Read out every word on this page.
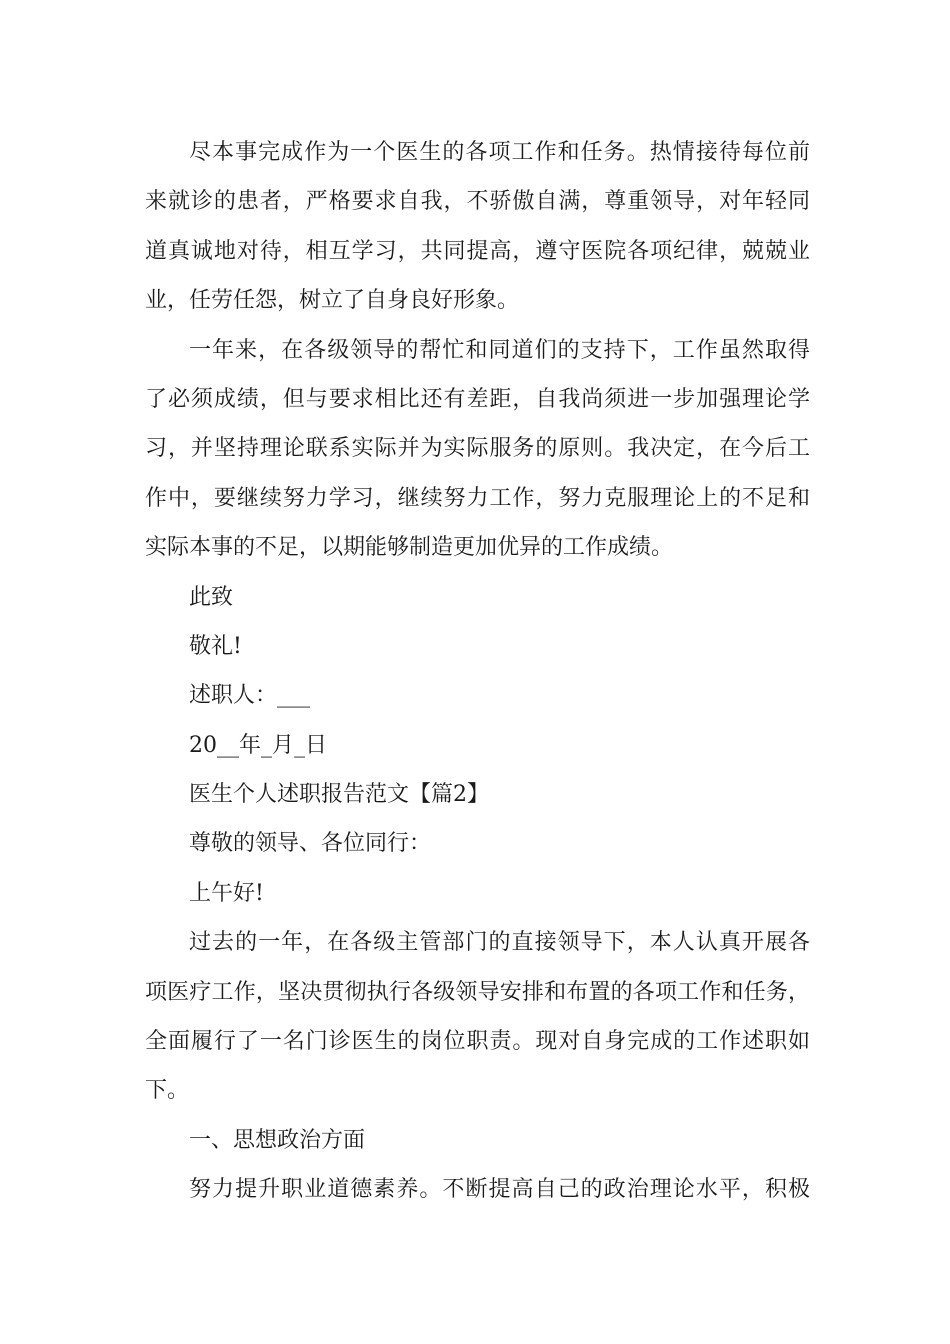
尽本事完成作为一个医生的各项工作和任务。热情接待每位前
来就诊的患者，严格要求自我，不骄傲自满，尊重领导，对年轻同
道真诚地对待，相互学习，共同提高，遵守医院各项纪律，兢兢业
业，任劳任怨，树立了自身良好形象。
一年来，在各级领导的帮忙和同道们的支持下，工作虽然取得
了必须成绩，但与要求相比还有差距，自我尚须进一步加强理论学
习，并坚持理论联系实际并为实际服务的原则。我决定，在今后工
作中，要继续努力学习，继续努力工作，努力克服理论上的不足和
实际本事的不足，以期能够制造更加优异的工作成绩。
此致
敬礼!
述职人：___
20__年_月_日
医生个人述职报告范文【篇2】
尊敬的领导、各位同行：
上午好!
过去的一年，在各级主管部门的直接领导下，本人认真开展各
项医疗工作，坚决贯彻执行各级领导安排和布置的各项工作和任务，
全面履行了一名门诊医生的岗位职责。现对自身完成的工作述职如
下。
一、思想政治方面
努力提升职业道德素养。不断提高自己的政治理论水平，积极
